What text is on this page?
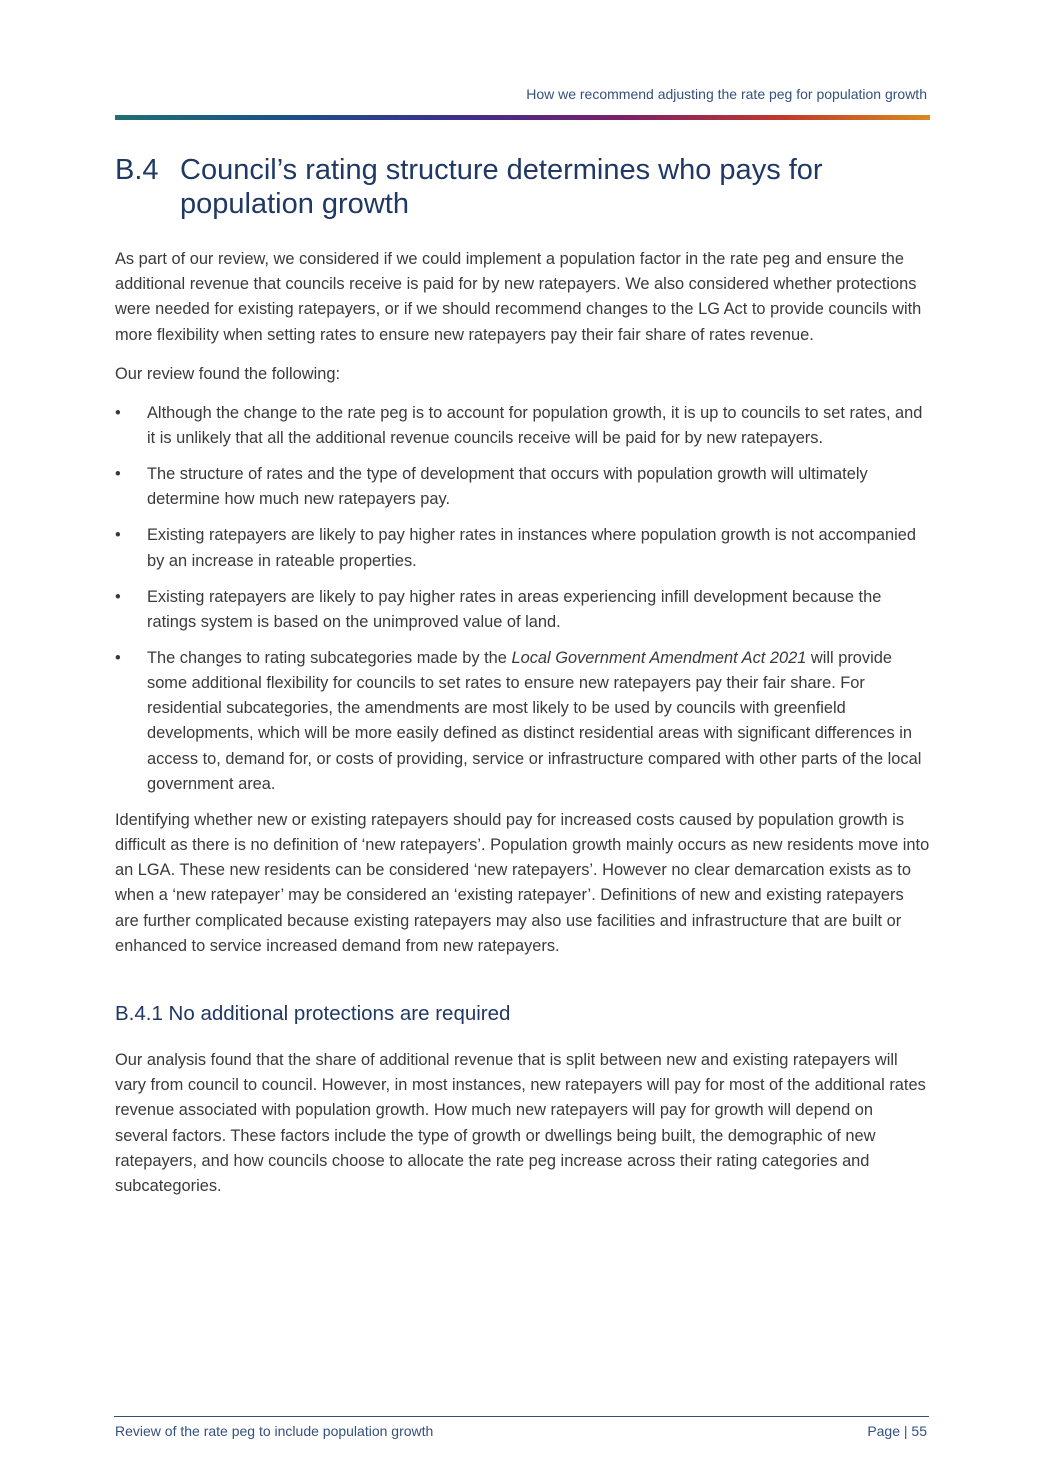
How we recommend adjusting the rate peg for population growth
B.4 Council’s rating structure determines who pays for population growth

As part of our review, we considered if we could implement a population factor in the rate peg and ensure the additional revenue that councils receive is paid for by new ratepayers. We also considered whether protections were needed for existing ratepayers, or if we should recommend changes to the LG Act to provide councils with more flexibility when setting rates to ensure new ratepayers pay their fair share of rates revenue.

Our review found the following:

• Although the change to the rate peg is to account for population growth, it is up to councils to set rates, and it is unlikely that all the additional revenue councils receive will be paid for by new ratepayers.
• The structure of rates and the type of development that occurs with population growth will ultimately determine how much new ratepayers pay.
• Existing ratepayers are likely to pay higher rates in instances where population growth is not accompanied by an increase in rateable properties.
• Existing ratepayers are likely to pay higher rates in areas experiencing infill development because the ratings system is based on the unimproved value of land.
• The changes to rating subcategories made by the Local Government Amendment Act 2021 will provide some additional flexibility for councils to set rates to ensure new ratepayers pay their fair share. For residential subcategories, the amendments are most likely to be used by councils with greenfield developments, which will be more easily defined as distinct residential areas with significant differences in access to, demand for, or costs of providing, service or infrastructure compared with other parts of the local government area.

Identifying whether new or existing ratepayers should pay for increased costs caused by population growth is difficult as there is no definition of ‘new ratepayers’. Population growth mainly occurs as new residents move into an LGA. These new residents can be considered ‘new ratepayers’. However no clear demarcation exists as to when a ‘new ratepayer’ may be considered an ‘existing ratepayer’. Definitions of new and existing ratepayers are further complicated because existing ratepayers may also use facilities and infrastructure that are built or enhanced to service increased demand from new ratepayers.

B.4.1 No additional protections are required

Our analysis found that the share of additional revenue that is split between new and existing ratepayers will vary from council to council. However, in most instances, new ratepayers will pay for most of the additional rates revenue associated with population growth. How much new ratepayers will pay for growth will depend on several factors. These factors include the type of growth or dwellings being built, the demographic of new ratepayers, and how councils choose to allocate the rate peg increase across their rating categories and subcategories.

Review of the rate peg to include population growth	Page | 55
